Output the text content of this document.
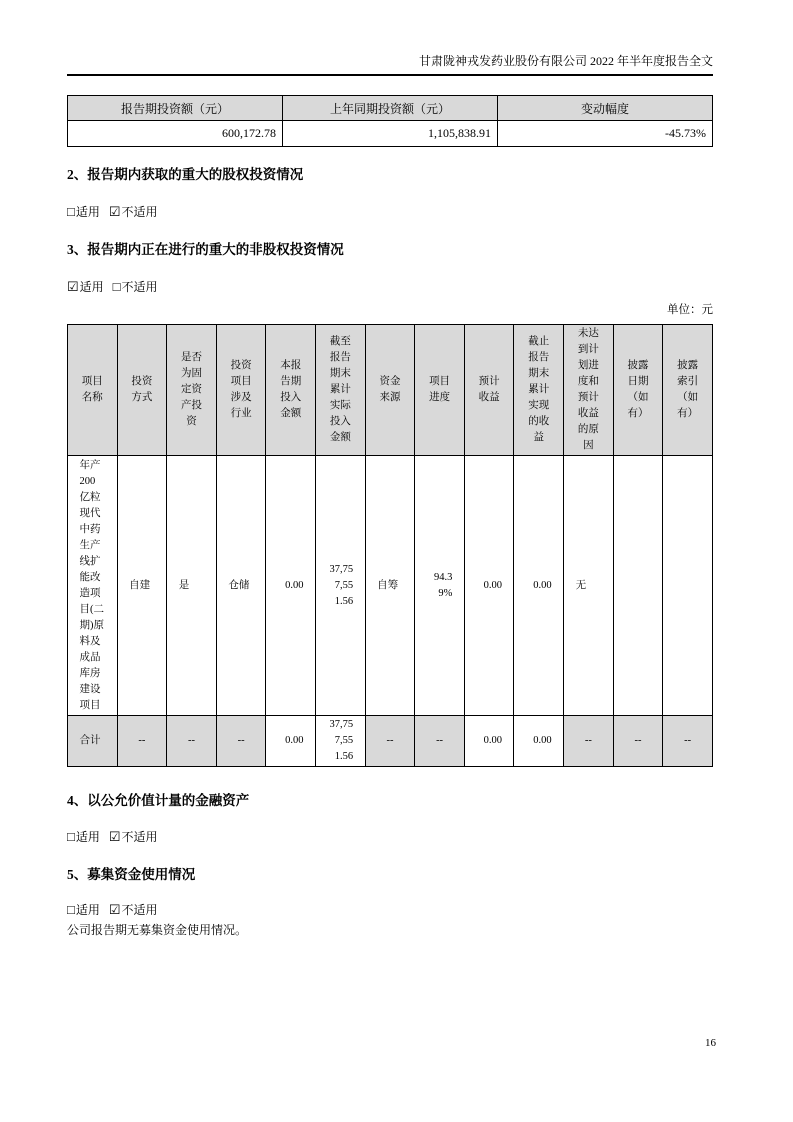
甘肃陇神戎发药业股份有限公司 2022 年半年度报告全文
报告期投资额（元）	上年同期投资额（元）	变动幅度
600,172.78	1,105,838.91	-45.73%
2、报告期内获取的重大的股权投资情况
□适用 ☑不适用
3、报告期内正在进行的重大的非股权投资情况
☑适用 □不适用
单位：元
项目名称	投资方式	是否为固定资产投资	投资项目涉及行业	本报告期投入金额	截至报告期末累计实际投入金额	资金来源	项目进度	预计收益	截止报告期末累计实现的收益	未达到计划进度和预计收益的原因	披露日期（如有）	披露索引（如有）
年产200亿粒现代中药生产线扩能改造项目(二期)原料及成品库房建设项目	自建	是	仓储	0.00	37,757,551.56	自筹	94.39%	0.00	0.00	无		
合计	--	--	--	0.00	37,757,551.56	--	--	0.00	0.00	--	--	--
4、以公允价值计量的金融资产
□适用 ☑不适用
5、募集资金使用情况
□适用 ☑不适用
公司报告期无募集资金使用情况。
16
